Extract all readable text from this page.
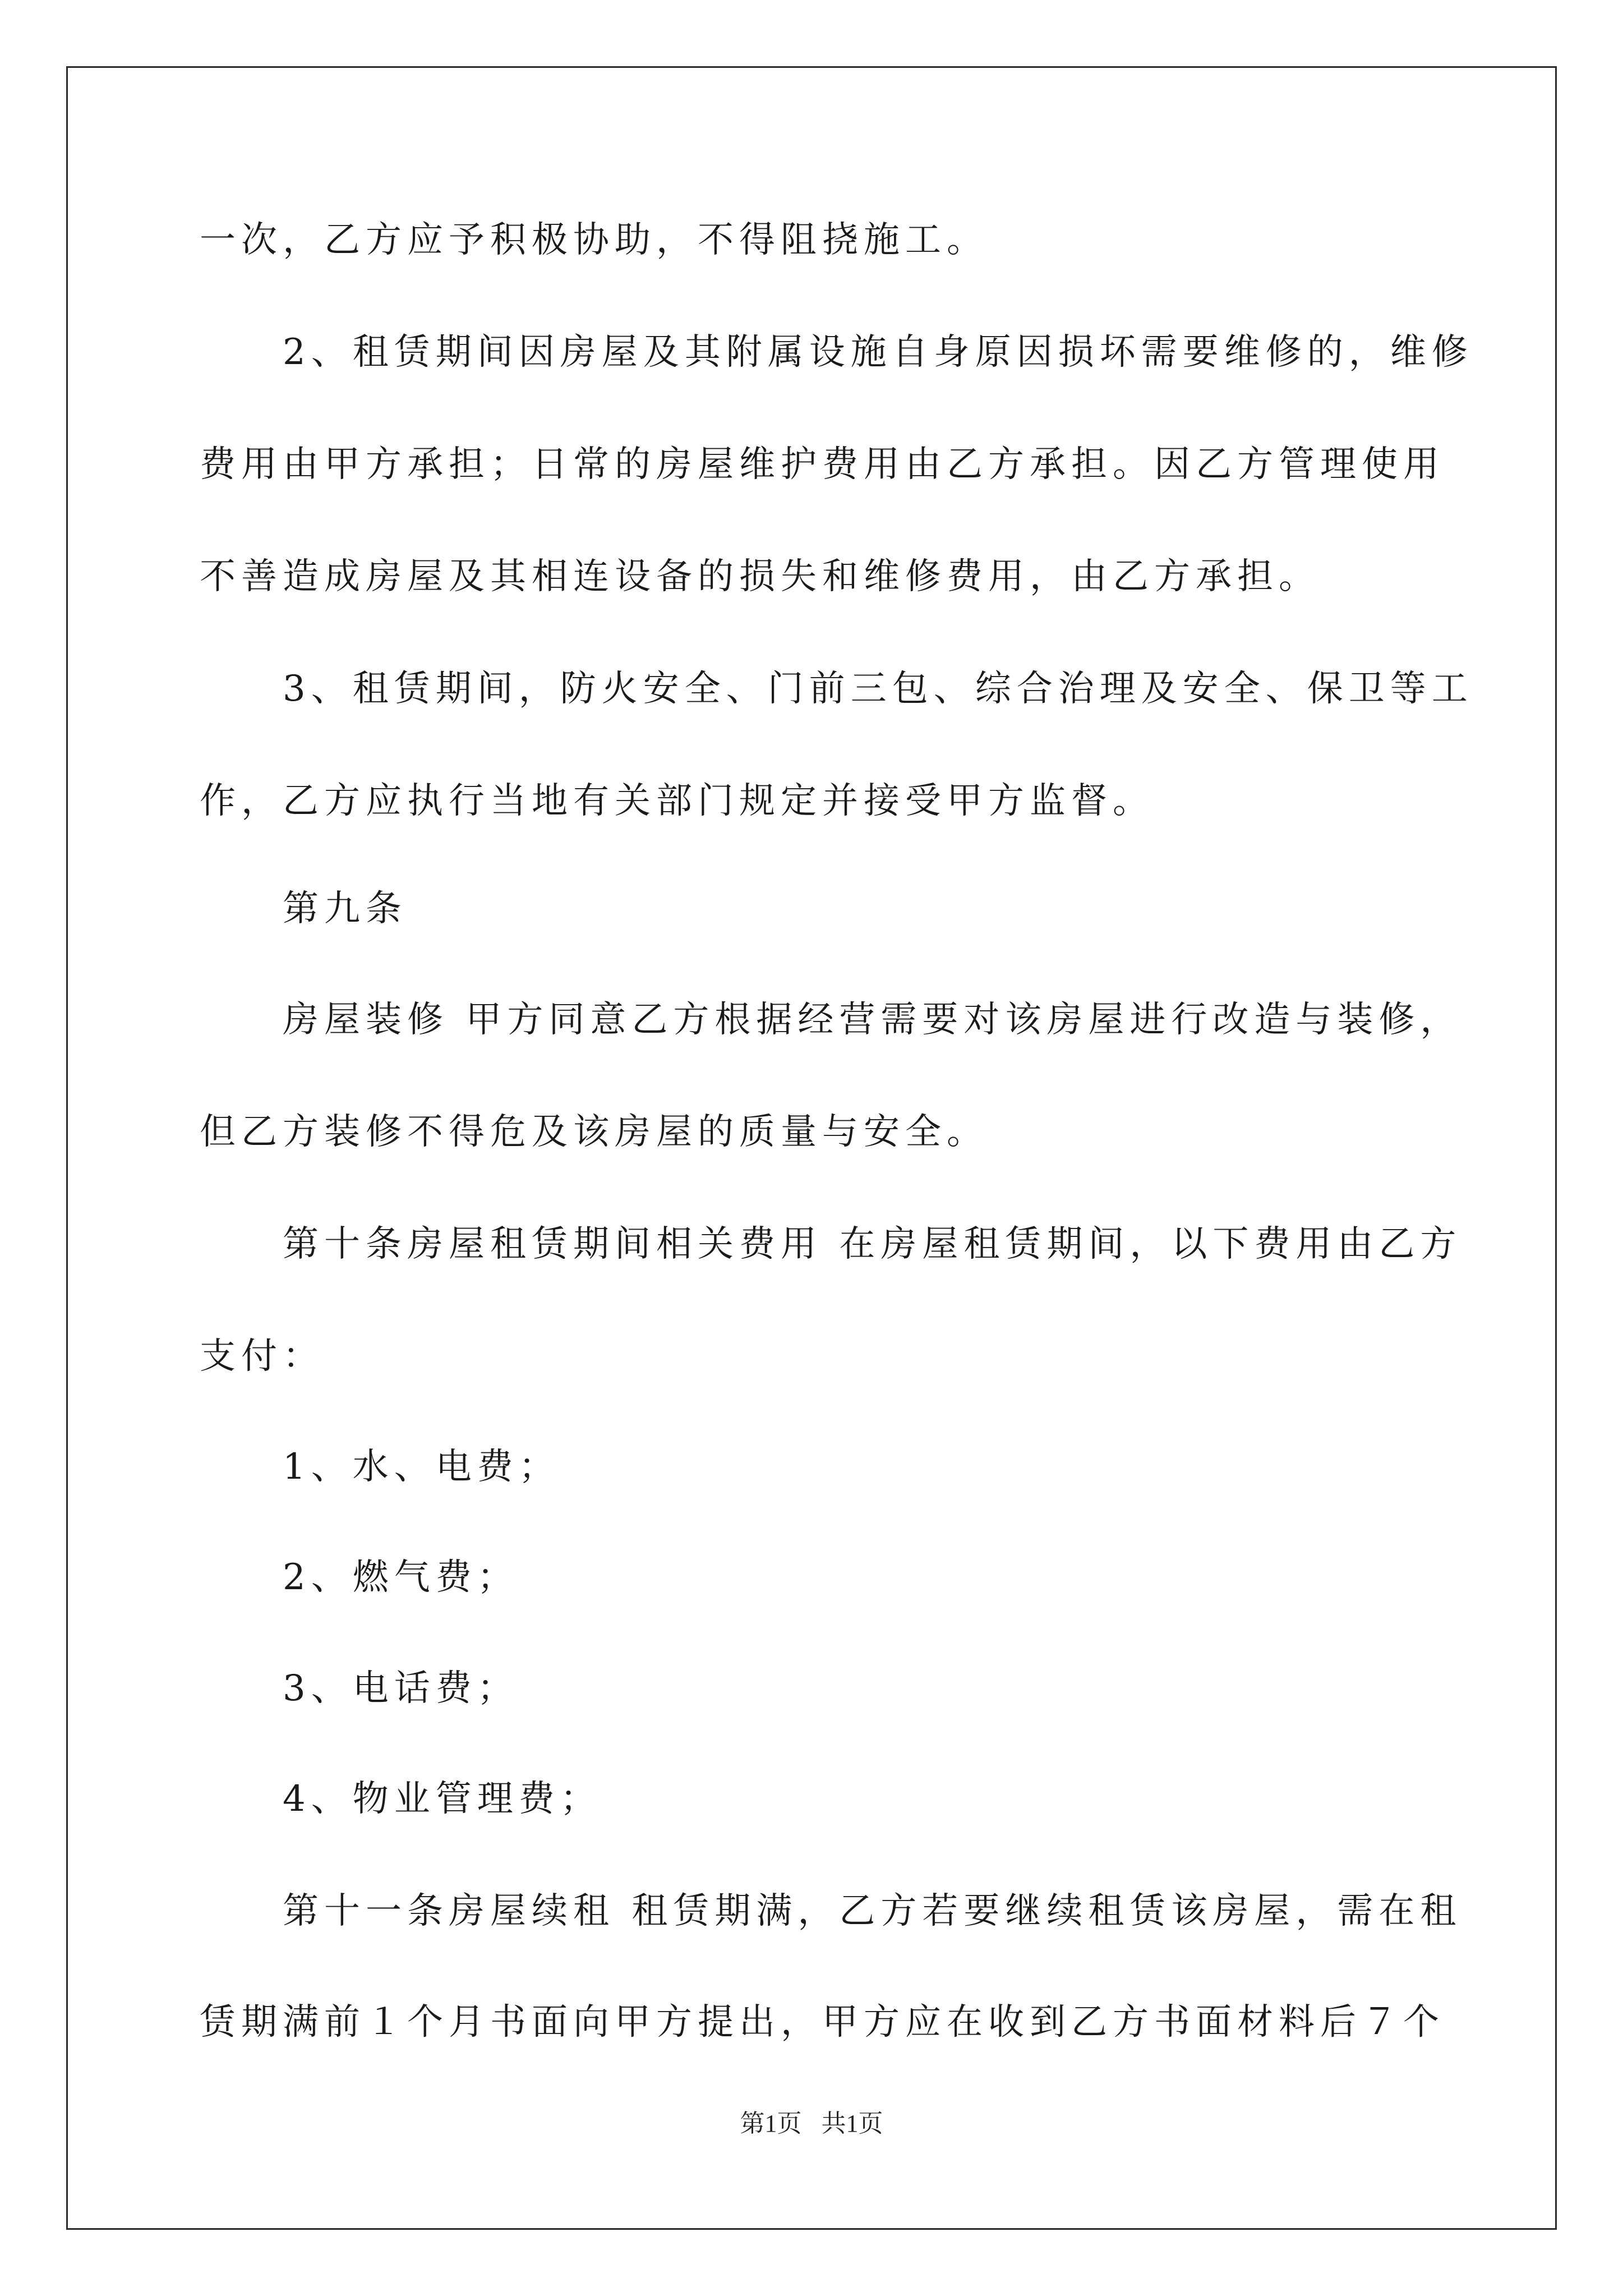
一次，乙方应予积极协助，不得阻挠施工。
2、租赁期间因房屋及其附属设施自身原因损坏需要维修的，维修
费用由甲方承担；日常的房屋维护费用由乙方承担。因乙方管理使用
不善造成房屋及其相连设备的损失和维修费用，由乙方承担。
3、租赁期间，防火安全、门前三包、综合治理及安全、保卫等工
作，乙方应执行当地有关部门规定并接受甲方监督。
第九条
房屋装修 甲方同意乙方根据经营需要对该房屋进行改造与装修，
但乙方装修不得危及该房屋的质量与安全。
第十条房屋租赁期间相关费用 在房屋租赁期间，以下费用由乙方
支付：
1、水、电费；
2、燃气费；
3、电话费；
4、物业管理费；
第十一条房屋续租 租赁期满，乙方若要继续租赁该房屋，需在租
赁期满前１个月书面向甲方提出，甲方应在收到乙方书面材料后７个
第1页 共1页
